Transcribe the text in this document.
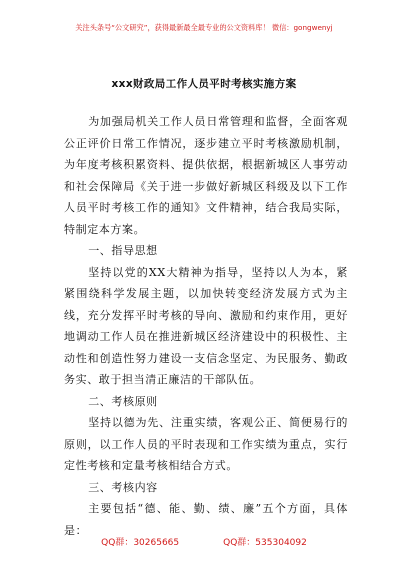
关注头条号“公文研究”，获得最新最全最专业的公文资料库！ 微信：gongwenyj
xxx财政局工作人员平时考核实施方案

为加强局机关工作人员日常管理和监督，全面客观公正评价日常工作情况，逐步建立平时考核激励机制，为年度考核积累资料、提供依据，根据新城区人事劳动和社会保障局《关于进一步做好新城区科级及以下工作人员平时考核工作的通知》文件精神，结合我局实际，特制定本方案。

一、指导思想

坚持以党的XX大精神为指导，坚持以人为本，紧紧围绕科学发展主题，以加快转变经济发展方式为主线，充分发挥平时考核的导向、激励和约束作用，更好地调动工作人员在推进新城区经济建设中的积极性、主动性和创造性努力建设一支信念坚定、为民服务、勤政务实、敢于担当清正廉洁的干部队伍。

二、考核原则

坚持以德为先、注重实绩，客观公正、简便易行的原则，以工作人员的平时表现和工作实绩为重点，实行定性考核和定量考核相结合方式。

三、考核内容

主要包括“德、能、勤、绩、廉”五个方面，具体是：

QQ群：30265665	QQ群：535304092
